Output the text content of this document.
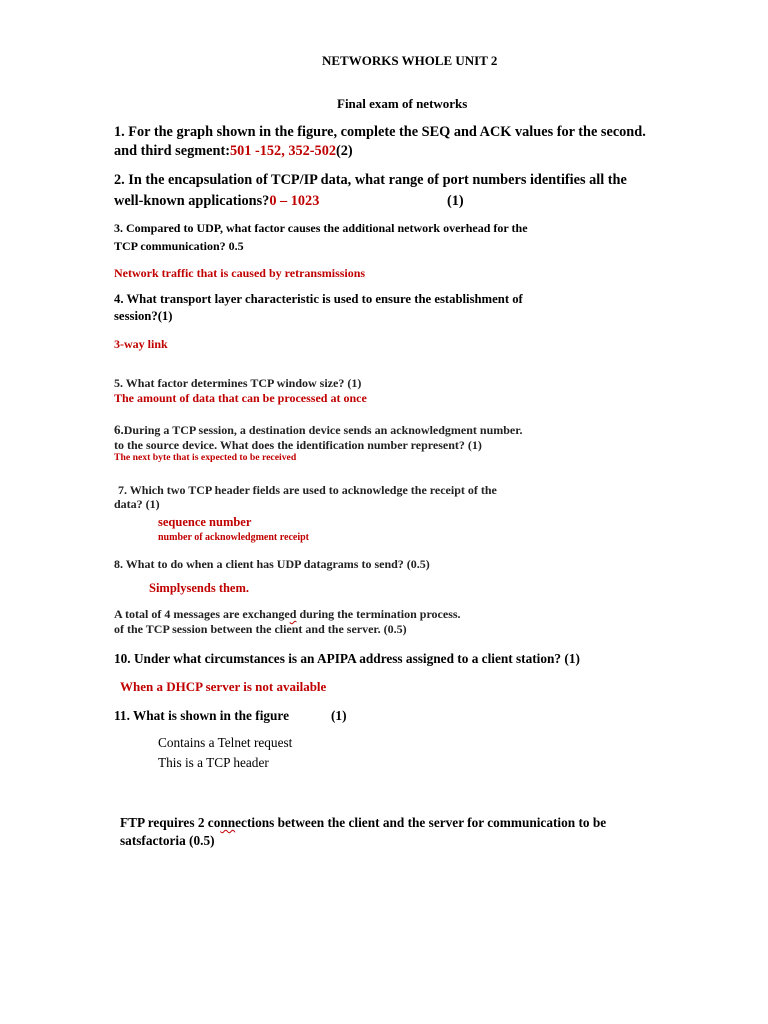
NETWORKS WHOLE UNIT 2

Final exam of networks

1. For the graph shown in the figure, complete the SEQ and ACK values for the second.

and third segment:501 -152, 352-502(2)

2. In the encapsulation of TCP/IP data, what range of port numbers identifies all the

well-known applications?0 – 1023	(1)

3. Compared to UDP, what factor causes the additional network overhead for the

TCP communication? 0.5

Network traffic that is caused by retransmissions

4. What transport layer characteristic is used to ensure the establishment of

session?(1)

3-way link

5. What factor determines TCP window size? (1)

The amount of data that can be processed at once

6.During a TCP session, a destination device sends an acknowledgment number.

to the source device. What does the identification number represent? (1)

The next byte that is expected to be received

7. Which two TCP header fields are used to acknowledge the receipt of the

data? (1)

sequence number

number of acknowledgment receipt

8. What to do when a client has UDP datagrams to send? (0.5)

Simplysends them.

A total of 4 messages are exchanged during the termination process.

of the TCP session between the client and the server. (0.5)

10. Under what circumstances is an APIPA address assigned to a client station? (1)

When a DHCP server is not available

11. What is shown in the figure	(1)

Contains a Telnet request

This is a TCP header

FTP requires 2 connections between the client and the server for communication to be

satsfactoria (0.5)
